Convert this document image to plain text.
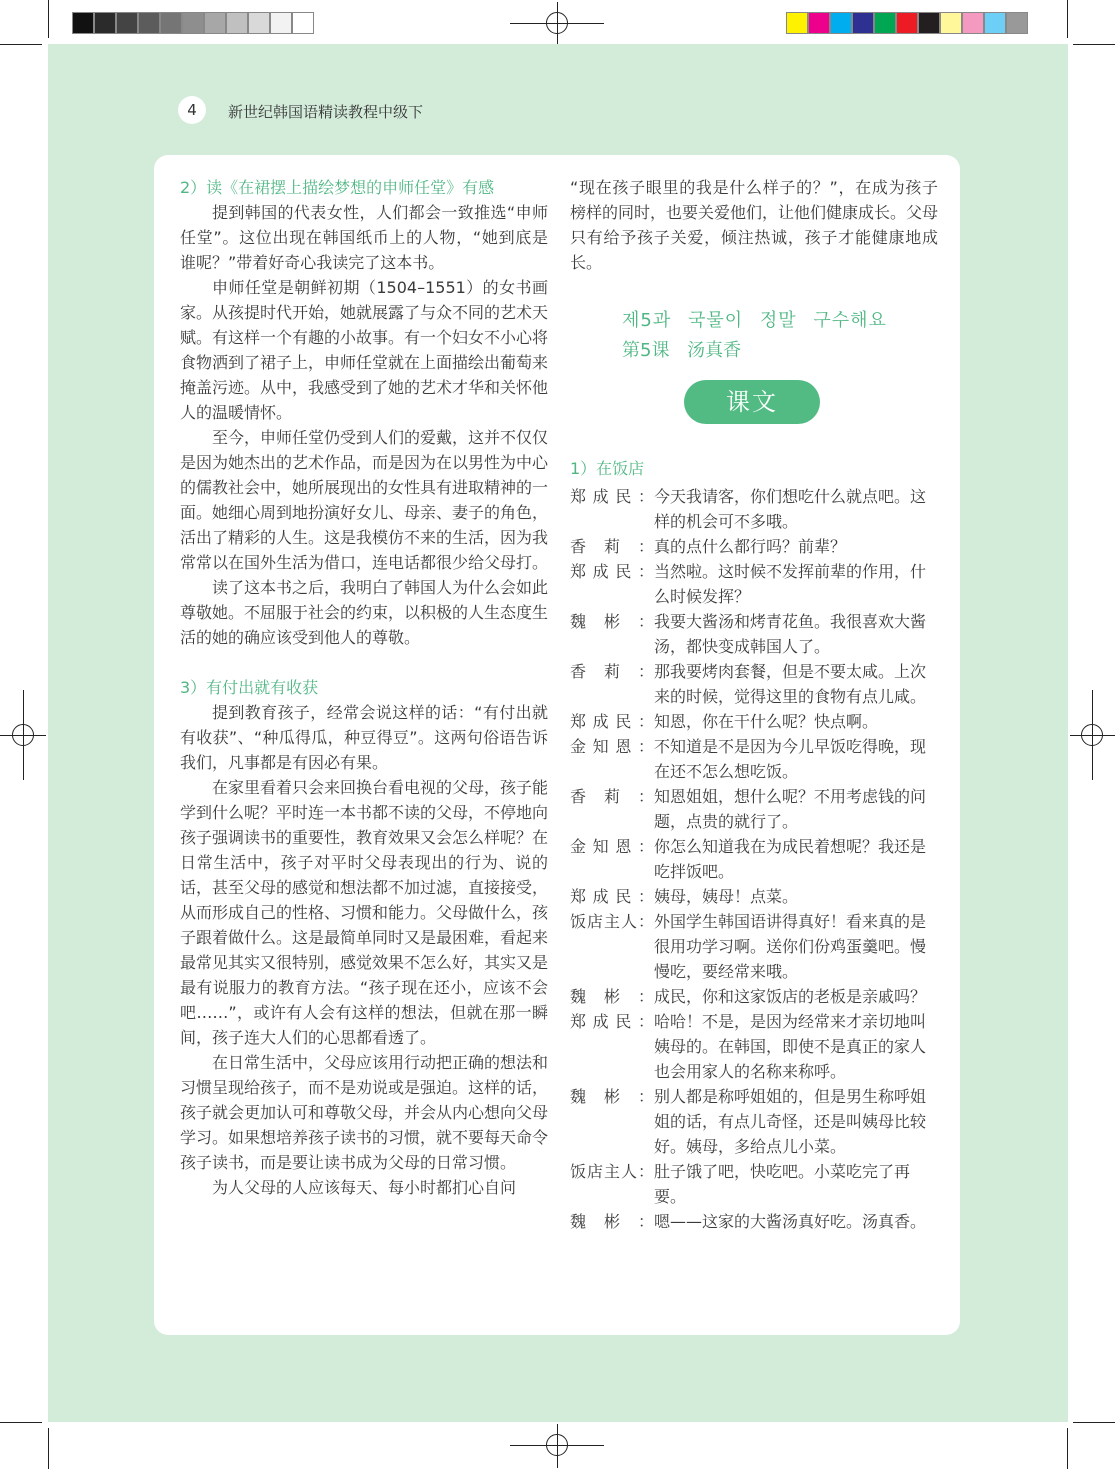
4	新世纪韩国语精读教程中级下

2）读《在裙摆上描绘梦想的申师任堂》有感

提到韩国的代表女性，人们都会一致推选“申师任堂”。这位出现在韩国纸币上的人物，“她到底是谁呢？”带着好奇心我读完了这本书。

申师任堂是朝鲜初期（1504–1551）的女书画家。从孩提时代开始，她就展露了与众不同的艺术天赋。有这样一个有趣的小故事。有一个妇女不小心将食物洒到了裙子上，申师任堂就在上面描绘出葡萄来掩盖污迹。从中，我感受到了她的艺术才华和关怀他人的温暖情怀。

至今，申师任堂仍受到人们的爱戴，这并不仅仅是因为她杰出的艺术作品，而是因为在以男性为中心的儒教社会中，她所展现出的女性具有进取精神的一面。她细心周到地扮演好女儿、母亲、妻子的角色，活出了精彩的人生。这是我模仿不来的生活，因为我常常以在国外生活为借口，连电话都很少给父母打。

读了这本书之后，我明白了韩国人为什么会如此尊敬她。不屈服于社会的约束，以积极的人生态度生活的她的确应该受到他人的尊敬。

3）有付出就有收获

提到教育孩子，经常会说这样的话：“有付出就有收获”、“种瓜得瓜，种豆得豆”。这两句俗语告诉我们，凡事都是有因必有果。

在家里看着只会来回换台看电视的父母，孩子能学到什么呢？平时连一本书都不读的父母，不停地向孩子强调读书的重要性，教育效果又会怎么样呢？在日常生活中，孩子对平时父母表现出的行为、说的话，甚至父母的感觉和想法都不加过滤，直接接受，从而形成自己的性格、习惯和能力。父母做什么，孩子跟着做什么。这是最简单同时又是最困难，看起来最常见其实又很特别，感觉效果不怎么好，其实又是最有说服力的教育方法。“孩子现在还小，应该不会吧……”，或许有人会有这样的想法，但就在那一瞬间，孩子连大人们的心思都看透了。

在日常生活中，父母应该用行动把正确的想法和习惯呈现给孩子，而不是劝说或是强迫。这样的话，孩子就会更加认可和尊敬父母，并会从内心想向父母学习。如果想培养孩子读书的习惯，就不要每天命令孩子读书，而是要让读书成为父母的日常习惯。

为人父母的人应该每天、每小时都扪心自问

“现在孩子眼里的我是什么样子的？”，在成为孩子榜样的同时，也要关爱他们，让他们健康成长。父母只有给予孩子关爱，倾注热诚，孩子才能健康地成长。

제5과 국물이 정말 구수해요
第5课 汤真香
课文
1）在饭店
郑成民： 今天我请客，你们想吃什么就点吧。这样的机会可不多哦。
香莉： 真的点什么都行吗？前辈？
郑成民： 当然啦。这时候不发挥前辈的作用，什么时候发挥？
魏彬： 我要大酱汤和烤青花鱼。我很喜欢大酱汤，都快变成韩国人了。
香莉： 那我要烤肉套餐，但是不要太咸。上次来的时候，觉得这里的食物有点儿咸。
郑成民： 知恩，你在干什么呢？快点啊。
金知恩： 不知道是不是因为今儿早饭吃得晚，现在还不怎么想吃饭。
香莉： 知恩姐姐，想什么呢？不用考虑钱的问题，点贵的就行了。
金知恩： 你怎么知道我在为成民着想呢？我还是吃拌饭吧。
郑成民： 姨母，姨母！点菜。
饭店主人： 外国学生韩国语讲得真好！看来真的是很用功学习啊。送你们份鸡蛋羹吧。慢慢吃，要经常来哦。
魏彬： 成民，你和这家饭店的老板是亲戚吗？
郑成民： 哈哈！不是，是因为经常来才亲切地叫姨母的。在韩国，即使不是真正的家人也会用家人的名称来称呼。
魏彬： 别人都是称呼姐姐的，但是男生称呼姐姐的话，有点儿奇怪，还是叫姨母比较好。姨母，多给点儿小菜。
饭店主人： 肚子饿了吧，快吃吧。小菜吃完了再要。
魏彬： 嗯——这家的大酱汤真好吃。汤真香。
